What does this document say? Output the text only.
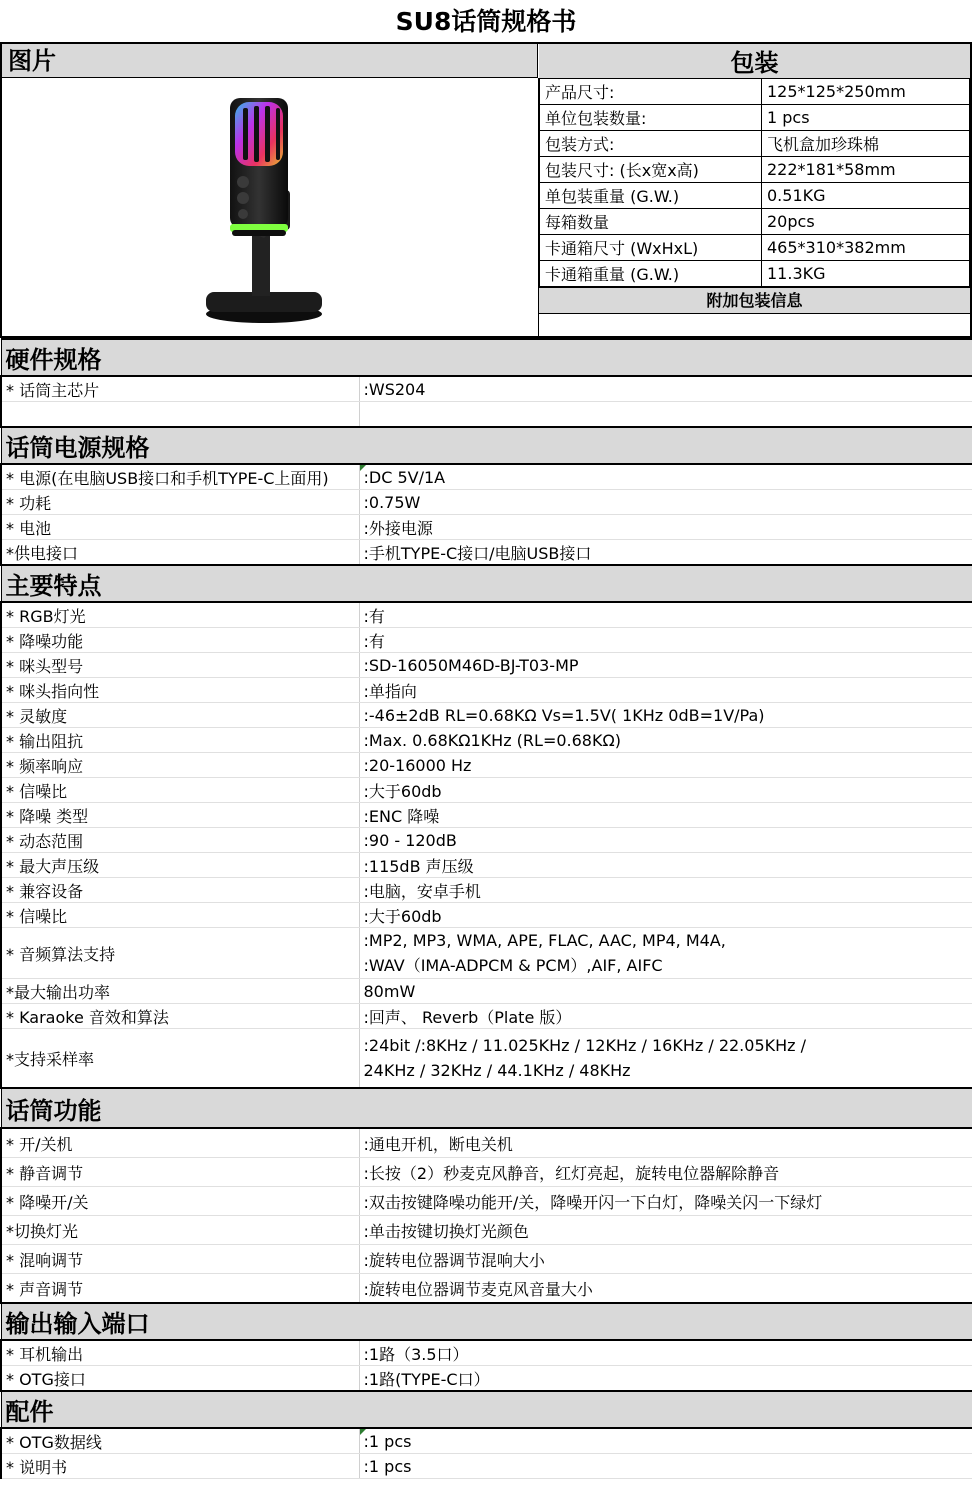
SU8话筒规格书
图片	包装
产品尺寸:	125*125*250mm
单位包装数量:	1 pcs
包装方式:	飞机盒加珍珠棉
包装尺寸: (长x宽x高)	222*181*58mm
单包装重量 (G.W.)	0.51KG
每箱数量	20pcs
卡通箱尺寸 (WxHxL)	465*310*382mm
卡通箱重量 (G.W.)	11.3KG
附加包装信息
硬件规格	
* 话筒主芯片	:WS204

话筒电源规格	
* 电源(在电脑USB接口和手机TYPE-C上面用)	:DC 5V/1A
* 功耗	:0.75W
* 电池	:外接电源
*供电接口	:手机TYPE-C接口/电脑USB接口
主要特点	
* RGB灯光	:有
* 降噪功能	:有
* 咪头型号	:SD-16050M46D-BJ-T03-MP
* 咪头指向性	:单指向
* 灵敏度	:-46±2dB RL=0.68KΩ Vs=1.5V( 1KHz 0dB=1V/Pa)
* 输出阻抗	:Max. 0.68KΩ1KHz (RL=0.68KΩ)
* 频率响应	:20-16000 Hz
* 信噪比	:大于60db
* 降噪 类型	:ENC 降噪
* 动态范围	:90 - 120dB
* 最大声压级	:115dB 声压级
* 兼容设备	:电脑，安卓手机
* 信噪比	:大于60db
* 音频算法支持	:MP2, MP3, WMA, APE, FLAC, AAC, MP4, M4A,
:WAV（IMA-ADPCM & PCM）,AIF, AIFC

*最大输出功率	80mW
* Karaoke 音效和算法	:回声、 Reverb（Plate 版）
*支持采样率	:24bit /:8KHz / 11.025KHz / 12KHz / 16KHz / 22.05KHz /
24KHz / 32KHz / 44.1KHz / 48KHz

话筒功能	
* 开/关机	:通电开机，断电关机
* 静音调节	:长按（2）秒麦克风静音，红灯亮起，旋转电位器解除静音
* 降噪开/关	:双击按键降噪功能开/关，降噪开闪一下白灯，降噪关闪一下绿灯
*切换灯光	:单击按键切换灯光颜色
* 混响调节	:旋转电位器调节混响大小
* 声音调节	:旋转电位器调节麦克风音量大小
输出输入端口	
* 耳机输出	:1路（3.5口）
* OTG接口	:1路(TYPE-C口）
配件	
* OTG数据线	:1 pcs
* 说明书	:1 pcs
